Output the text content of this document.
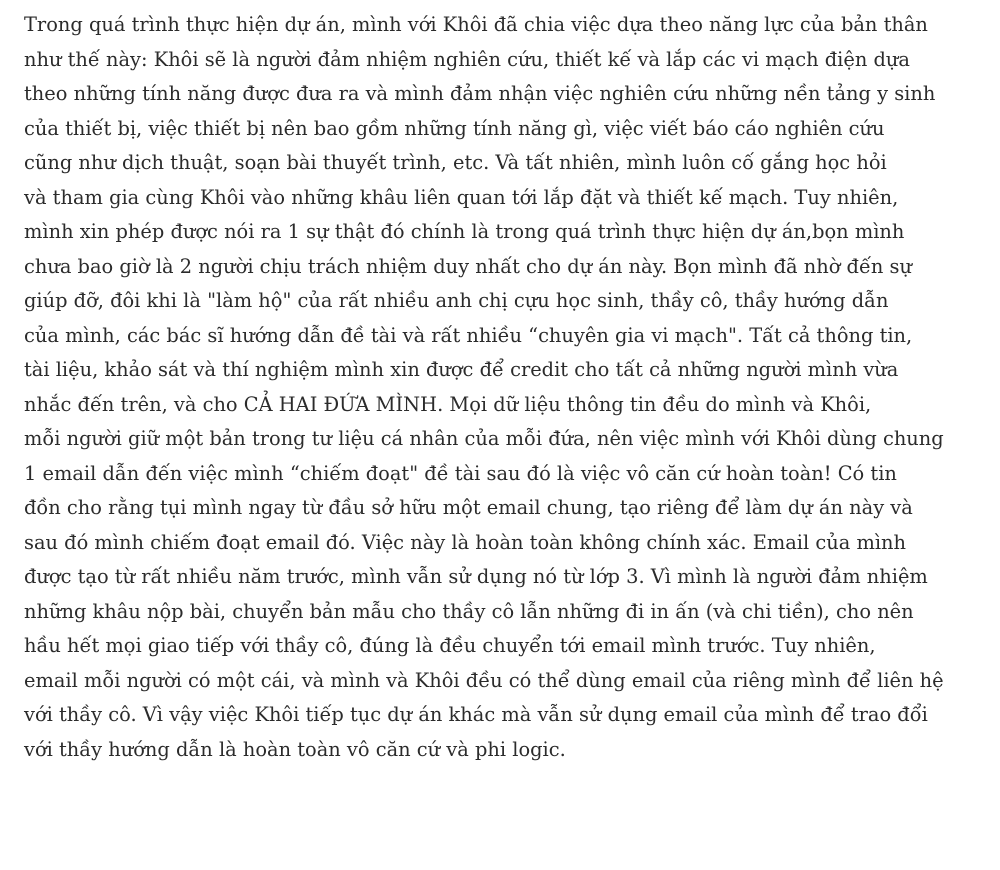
Trong quá trình thực hiện dự án, mình với Khôi đã chia việc dựa theo năng lực của bản thân
như thế này: Khôi sẽ là người đảm nhiệm nghiên cứu, thiết kế và lắp các vi mạch điện dựa
theo những tính năng được đưa ra và mình đảm nhận việc nghiên cứu những nền tảng y sinh
của thiết bị, việc thiết bị nên bao gồm những tính năng gì, việc viết báo cáo nghiên cứu
cũng như dịch thuật, soạn bài thuyết trình, etc. Và tất nhiên, mình luôn cố gắng học hỏi
và tham gia cùng Khôi vào những khâu liên quan tới lắp đặt và thiết kế mạch. Tuy nhiên,
mình xin phép được nói ra 1 sự thật đó chính là trong quá trình thực hiện dự án,bọn mình
chưa bao giờ là 2 người chịu trách nhiệm duy nhất cho dự án này. Bọn mình đã nhờ đến sự
giúp đỡ, đôi khi là "làm hộ" của rất nhiều anh chị cựu học sinh, thầy cô, thầy hướng dẫn
của mình, các bác sĩ hướng dẫn đề tài và rất nhiều “chuyên gia vi mạch". Tất cả thông tin,
tài liệu, khảo sát và thí nghiệm mình xin được để credit cho tất cả những người mình vừa
nhắc đến trên, và cho CẢ HAI ĐỨA MÌNH. Mọi dữ liệu thông tin đều do mình và Khôi,
mỗi người giữ một bản trong tư liệu cá nhân của mỗi đứa, nên việc mình với Khôi dùng chung
1 email dẫn đến việc mình “chiếm đoạt" đề tài sau đó là việc vô căn cứ hoàn toàn! Có tin
đồn cho rằng tụi mình ngay từ đầu sở hữu một email chung, tạo riêng để làm dự án này và
sau đó mình chiếm đoạt email đó. Việc này là hoàn toàn không chính xác. Email của mình
được tạo từ rất nhiều năm trước, mình vẫn sử dụng nó từ lớp 3. Vì mình là người đảm nhiệm
những khâu nộp bài, chuyển bản mẫu cho thầy cô lẫn những đi in ấn (và chi tiền), cho nên
hầu hết mọi giao tiếp với thầy cô, đúng là đều chuyển tới email mình trước. Tuy nhiên,
email mỗi người có một cái, và mình và Khôi đều có thể dùng email của riêng mình để liên hệ
với thầy cô. Vì vậy việc Khôi tiếp tục dự án khác mà vẫn sử dụng email của mình để trao đổi
với thầy hướng dẫn là hoàn toàn vô căn cứ và phi logic.
